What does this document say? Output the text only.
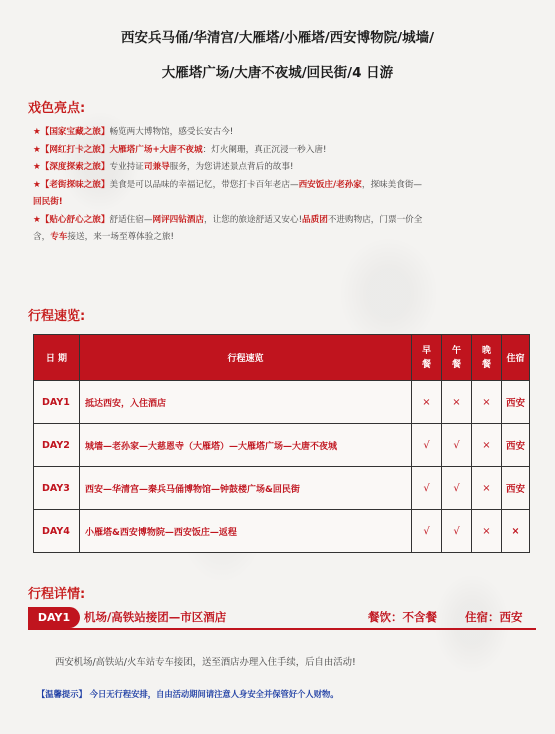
西安兵马俑/华清宫/大雁塔/小雁塔/西安博物院/城墙/
大雁塔广场/大唐不夜城/回民街/4 日游
戏色亮点:
★【国家宝藏之旅】畅览两大博物馆，感受长安古今!
★【网红打卡之旅】大雁塔广场+大唐不夜城：灯火阑珊，真正沉浸一秒入唐!
★【深度探索之旅】专业持证司兼导服务，为您讲述景点背后的故事!
★【老街探味之旅】美食是可以品味的幸福记忆，带您打卡百年老店—西安饭庄/老孙家，探味美食街—
回民街!
★【贴心舒心之旅】舒适住宿—网评四钻酒店，让您的旅途舒适又安心!品质团不进购物店，门票一价全
含，专车接送，来一场至尊体验之旅!
行程速览:
日 期	行程速览	早餐	午餐	晚餐	住宿
DAY1	抵达西安，入住酒店	×	×	×	西安
DAY2	城墙—老孙家—大慈恩寺（大雁塔）—大雁塔广场—大唐不夜城	√	√	×	西安
DAY3	西安—华清宫—秦兵马俑博物馆—钟鼓楼广场&回民街	√	√	×	西安
DAY4	小雁塔&西安博物院—西安饭庄—返程	√	√	×	×
行程详情:
DAY1	机场/高铁站接团—市区酒店	餐饮：不含餐 住宿：西安
西安机场/高铁站/火车站专车接团，送至酒店办理入住手续，后自由活动!
【温馨提示】 今日无行程安排，自由活动期间请注意人身安全并保管好个人财物。
